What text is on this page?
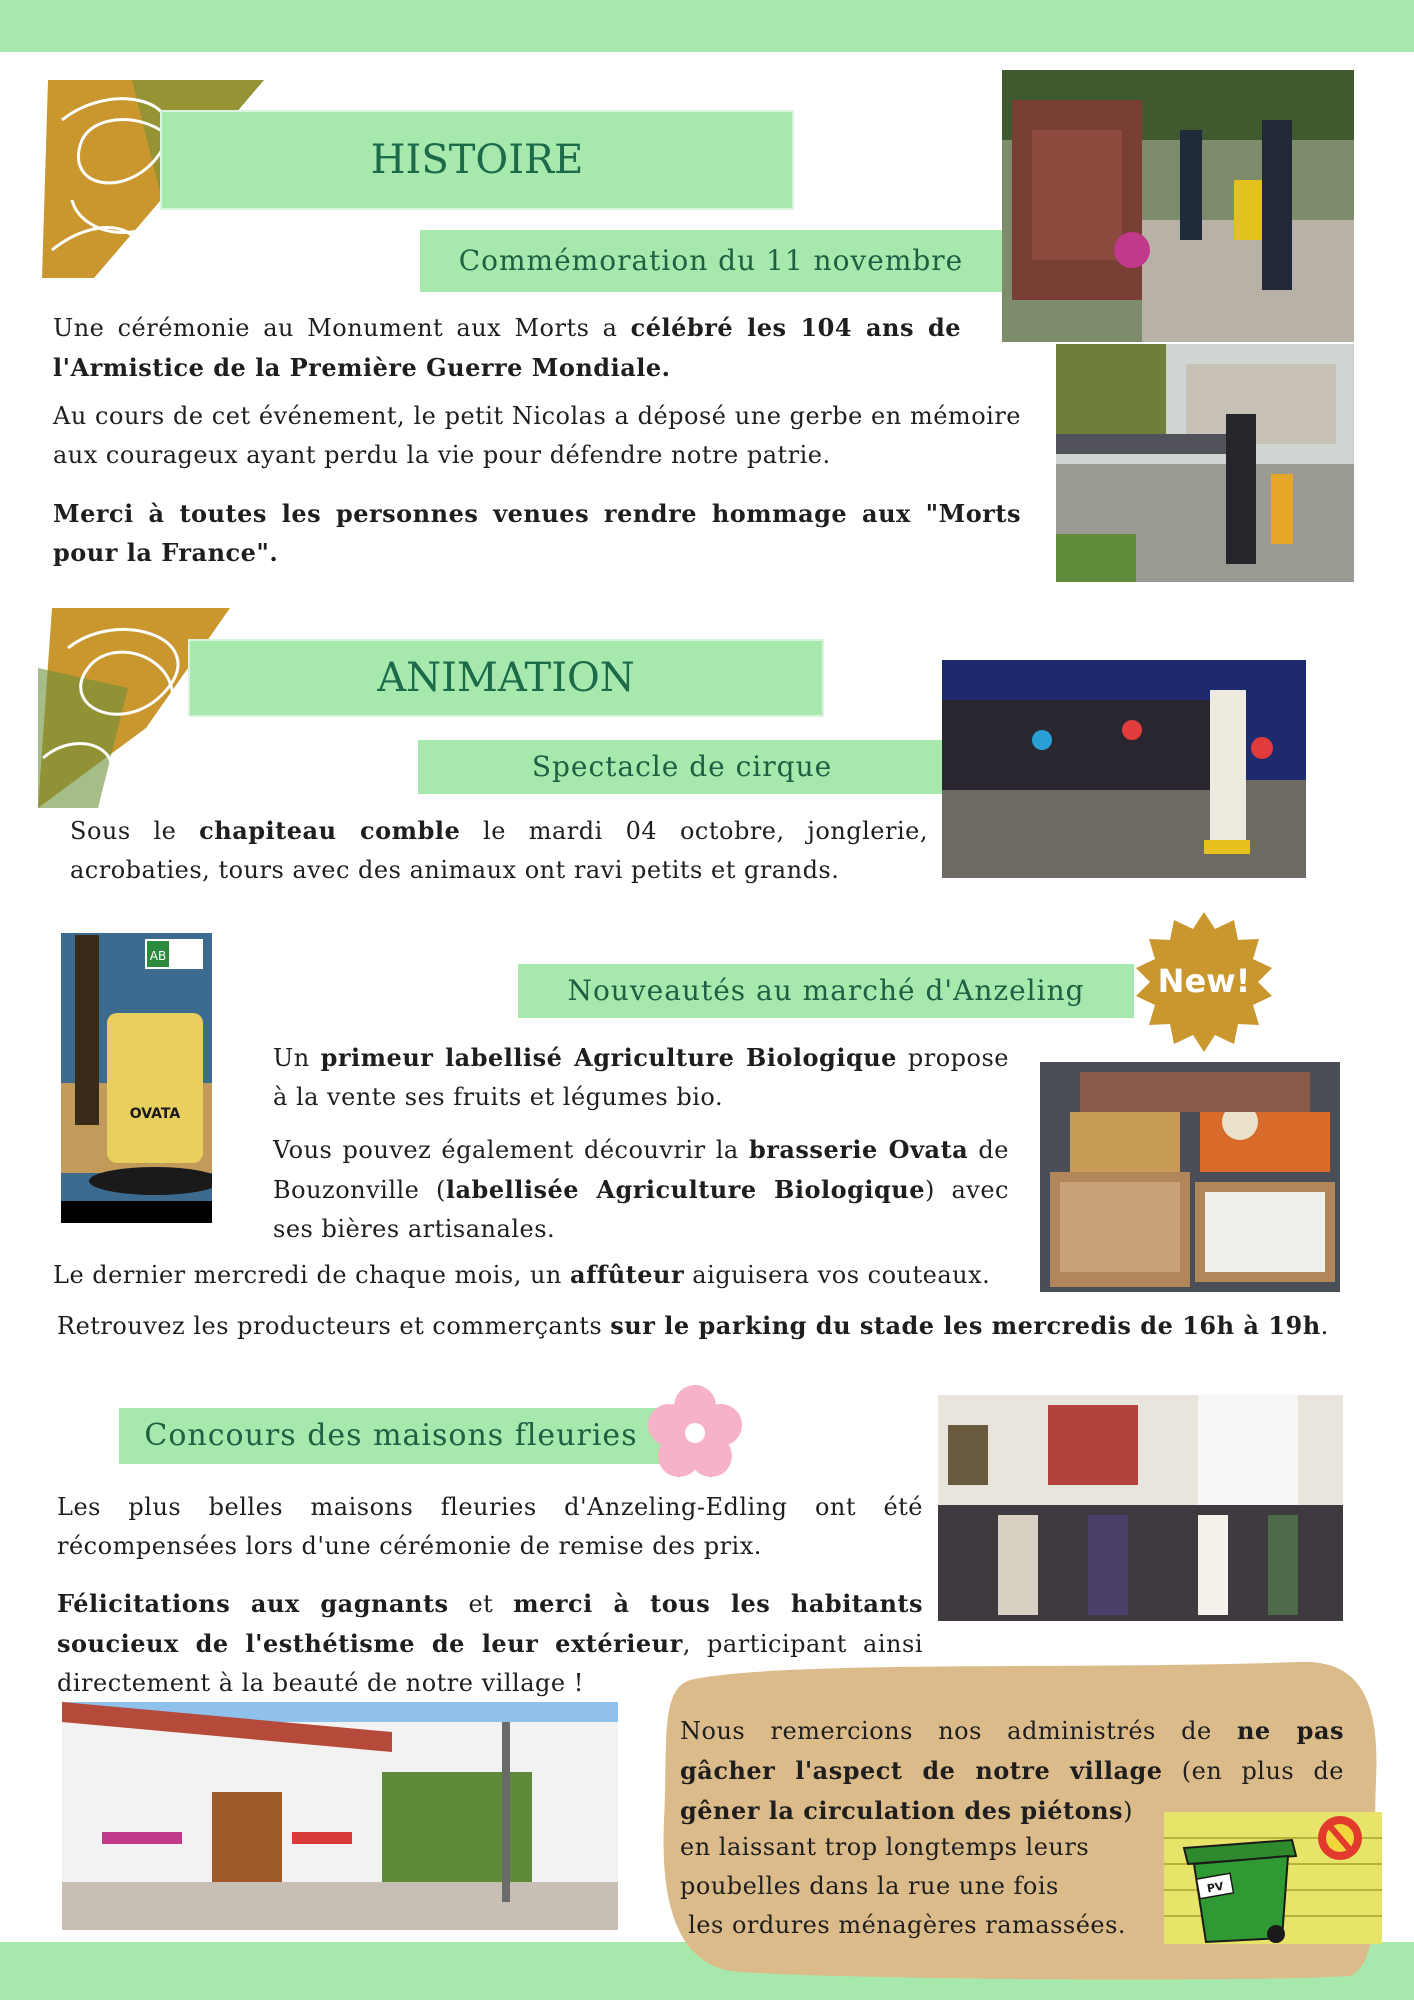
HISTOIRE
Commémoration du 11 novembre
Une cérémonie au Monument aux Morts a célébré les 104 ans de l'Armistice de la Première Guerre Mondiale.
Au cours de cet événement, le petit Nicolas a déposé une gerbe en mémoire aux courageux ayant perdu la vie pour défendre notre patrie.
Merci à toutes les personnes venues rendre hommage aux "Morts pour la France".
ANIMATION
Spectacle de cirque
Sous le chapiteau comble le mardi 04 octobre, jonglerie, acrobaties, tours avec des animaux ont ravi petits et grands.
AB
OVATA
Nouveautés au marché d'Anzeling	New!
Un primeur labellisé Agriculture Biologique propose à la vente ses fruits et légumes bio.
Vous pouvez également découvrir la brasserie Ovata de Bouzonville (labellisée Agriculture Biologique) avec ses bières artisanales.
Le dernier mercredi de chaque mois, un affûteur aiguisera vos couteaux.
Retrouvez les producteurs et commerçants sur le parking du stade les mercredis de 16h à 19h.
Concours des maisons fleuries
Les plus belles maisons fleuries d'Anzeling-Edling ont été récompensées lors d'une cérémonie de remise des prix.
Félicitations aux gagnants et merci à tous les habitants soucieux de l'esthétisme de leur extérieur, participant ainsi directement à la beauté de notre village !
Nous remercions nos administrés de ne pas gâcher l'aspect de notre village (en plus de gêner la circulation des piétons)
en laissant trop longtemps leurs
poubelles dans la rue une fois
les ordures ménagères ramassées.
PV
